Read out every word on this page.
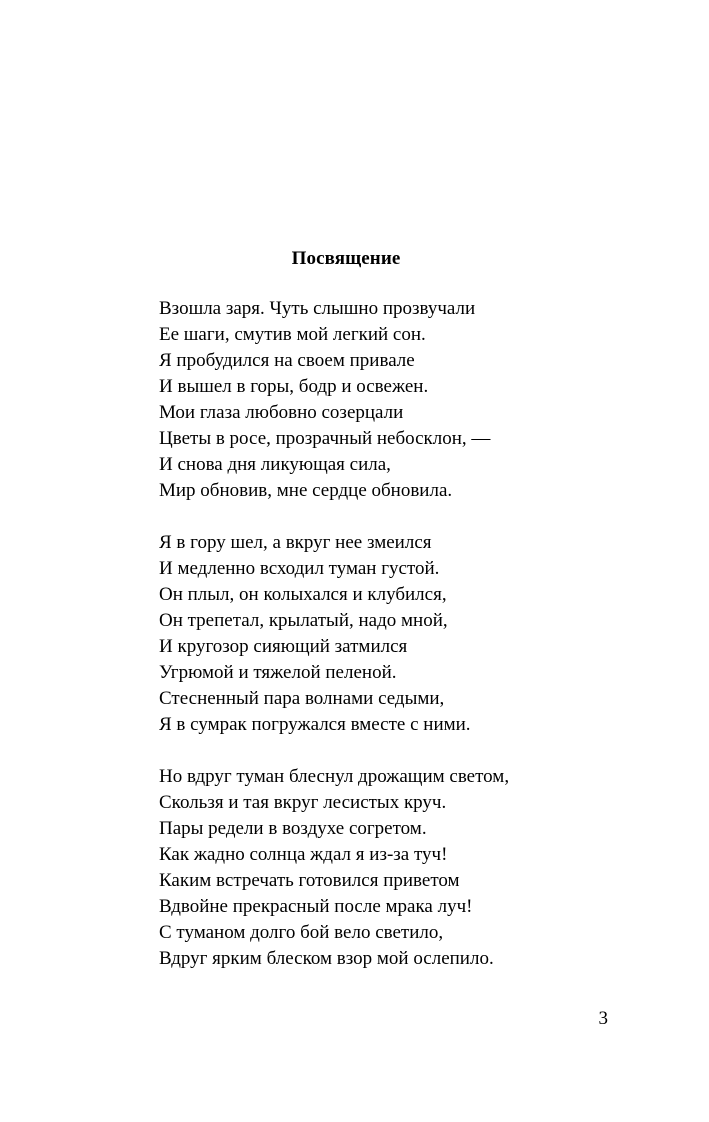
Посвящение
Взошла заря. Чуть слышно прозвучали
Ее шаги, смутив мой легкий сон.
Я пробудился на своем привале
И вышел в горы, бодр и освежен.
Мои глаза любовно созерцали
Цветы в росе, прозрачный небосклон, —
И снова дня ликующая сила,
Мир обновив, мне сердце обновила.
Я в гору шел, а вкруг нее змеился
И медленно всходил туман густой.
Он плыл, он колыхался и клубился,
Он трепетал, крылатый, надо мной,
И кругозор сияющий затмился
Угрюмой и тяжелой пеленой.
Стесненный пара волнами седыми,
Я в сумрак погружался вместе с ними.
Но вдруг туман блеснул дрожащим светом,
Скользя и тая вкруг лесистых круч.
Пары редели в воздухе согретом.
Как жадно солнца ждал я из-за туч!
Каким встречать готовился приветом
Вдвойне прекрасный после мрака луч!
С туманом долго бой вело светило,
Вдруг ярким блеском взор мой ослепило.
3
